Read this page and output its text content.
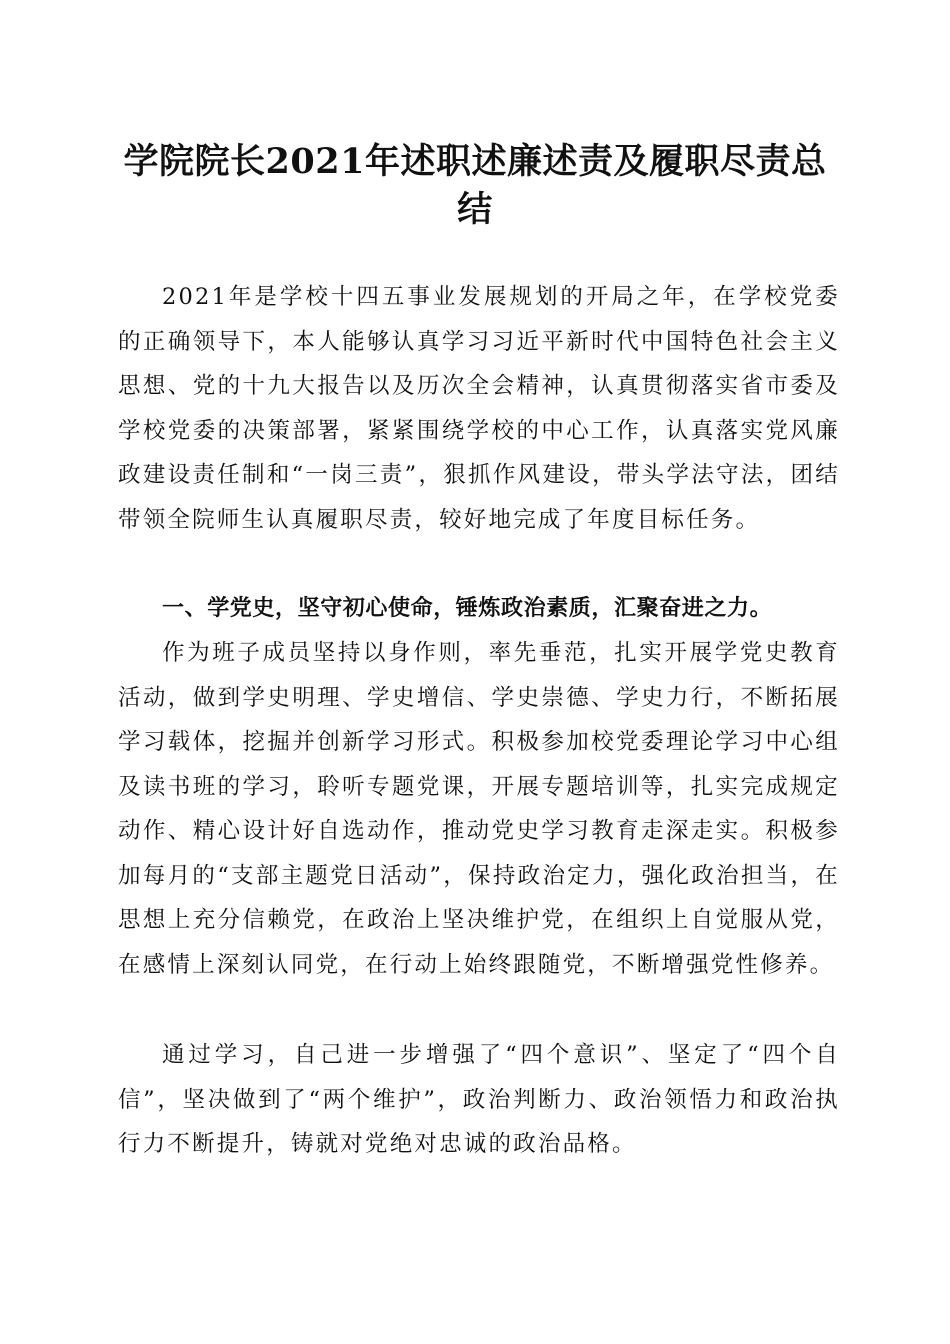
学院院长2021年述职述廉述责及履职尽责总
结

2021年是学校十四五事业发展规划的开局之年，在学校党委的正确领导下，本人能够认真学习习近平新时代中国特色社会主义思想、党的十九大报告以及历次全会精神，认真贯彻落实省市委及学校党委的决策部署，紧紧围绕学校的中心工作，认真落实党风廉政建设责任制和“一岗三责”，狠抓作风建设，带头学法守法，团结带领全院师生认真履职尽责，较好地完成了年度目标任务。

一、学党史，坚守初心使命，锤炼政治素质，汇聚奋进之力。

作为班子成员坚持以身作则，率先垂范，扎实开展学党史教育活动，做到学史明理、学史增信、学史崇德、学史力行，不断拓展学习载体，挖掘并创新学习形式。积极参加校党委理论学习中心组及读书班的学习，聆听专题党课，开展专题培训等，扎实完成规定动作、精心设计好自选动作，推动党史学习教育走深走实。积极参加每月的“支部主题党日活动”，保持政治定力，强化政治担当，在思想上充分信赖党，在政治上坚决维护党，在组织上自觉服从党，在感情上深刻认同党，在行动上始终跟随党，不断增强党性修养。

通过学习，自己进一步增强了“四个意识”、坚定了“四个自信”，坚决做到了“两个维护”，政治判断力、政治领悟力和政治执行力不断提升，铸就对党绝对忠诚的政治品格。
